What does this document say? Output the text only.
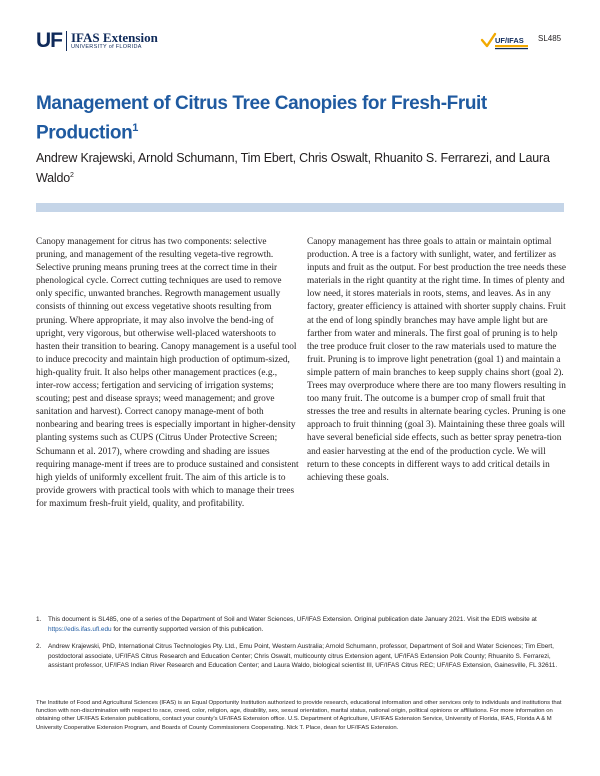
UF IFAS Extension
UNIVERSITY of FLORIDA
UF/IFAS SL485
Management of Citrus Tree Canopies for Fresh-Fruit Production$^1$

Andrew Krajewski, Arnold Schumann, Tim Ebert, Chris Oswalt, Rhuanito S. Ferrarezi, and Laura Waldo$^2$

Canopy management for citrus has two components: selective pruning, and management of the resulting vegeta-tive regrowth. Selective pruning means pruning trees at the correct time in their phenological cycle. Correct cutting techniques are used to remove only specific, unwanted branches. Regrowth management usually consists of thinning out excess vegetative shoots resulting from pruning. Where appropriate, it may also involve the bend-ing of upright, very vigorous, but otherwise well-placed watershoots to hasten their transition to bearing. Canopy management is a useful tool to induce precocity and maintain high production of optimum-sized, high-quality fruit. It also helps other management practices (e.g., inter-row access; fertigation and servicing of irrigation systems; scouting; pest and disease sprays; weed management; and grove sanitation and harvest). Correct canopy manage-ment of both nonbearing and bearing trees is especially important in higher-density planting systems such as CUPS (Citrus Under Protective Screen; Schumann et al. 2017), where crowding and shading are issues requiring manage-ment if trees are to produce sustained and consistent high yields of uniformly excellent fruit. The aim of this article is to provide growers with practical tools with which to manage their trees for maximum fresh-fruit yield, quality, and profitability.

Canopy management has three goals to attain or maintain optimal production. A tree is a factory with sunlight, water, and fertilizer as inputs and fruit as the output. For best production the tree needs these materials in the right quantity at the right time. In times of plenty and low need, it stores materials in roots, stems, and leaves. As in any factory, greater efficiency is attained with shorter supply chains. Fruit at the end of long spindly branches may have ample light but are farther from water and minerals. The first goal of pruning is to help the tree produce fruit closer to the raw materials used to mature the fruit. Pruning is to improve light penetration (goal 1) and maintain a simple pattern of main branches to keep supply chains short (goal 2). Trees may overproduce where there are too many flowers resulting in too many fruit. The outcome is a bumper crop of small fruit that stresses the tree and results in alternate bearing cycles. Pruning is one approach to fruit thinning (goal 3). Maintaining these three goals will have several beneficial side effects, such as better spray penetra-tion and easier harvesting at the end of the production cycle. We will return to these concepts in different ways to add critical details in achieving these goals.

1.	This document is SL485, one of a series of the Department of Soil and Water Sciences, UF/IFAS Extension. Original publication date January 2021. Visit the EDIS website at https://edis.ifas.ufl.edu for the currently supported version of this publication.
2.	Andrew Krajewski, PhD, International Citrus Technologies Pty. Ltd., Emu Point, Western Australia; Arnold Schumann, professor, Department of Soil and Water Sciences; Tim Ebert, postdoctoral associate, UF/IFAS Citrus Research and Education Center; Chris Oswalt, multicounty citrus Extension agent, UF/IFAS Extension Polk County; Rhuanito S. Ferrarezi, assistant professor, UF/IFAS Indian River Research and Education Center; and Laura Waldo, biological scientist III, UF/IFAS Citrus REC; UF/IFAS Extension, Gainesville, FL 32611.

The Institute of Food and Agricultural Sciences (IFAS) is an Equal Opportunity Institution authorized to provide research, educational information and other services only to individuals and institutions that function with non-discrimination with respect to race, creed, color, religion, age, disability, sex, sexual orientation, marital status, national origin, political opinions or affiliations. For more information on obtaining other UF/IFAS Extension publications, contact your county's UF/IFAS Extension office. U.S. Department of Agriculture, UF/IFAS Extension Service, University of Florida, IFAS, Florida A & M University Cooperative Extension Program, and Boards of County Commissioners Cooperating. Nick T. Place, dean for UF/IFAS Extension.
